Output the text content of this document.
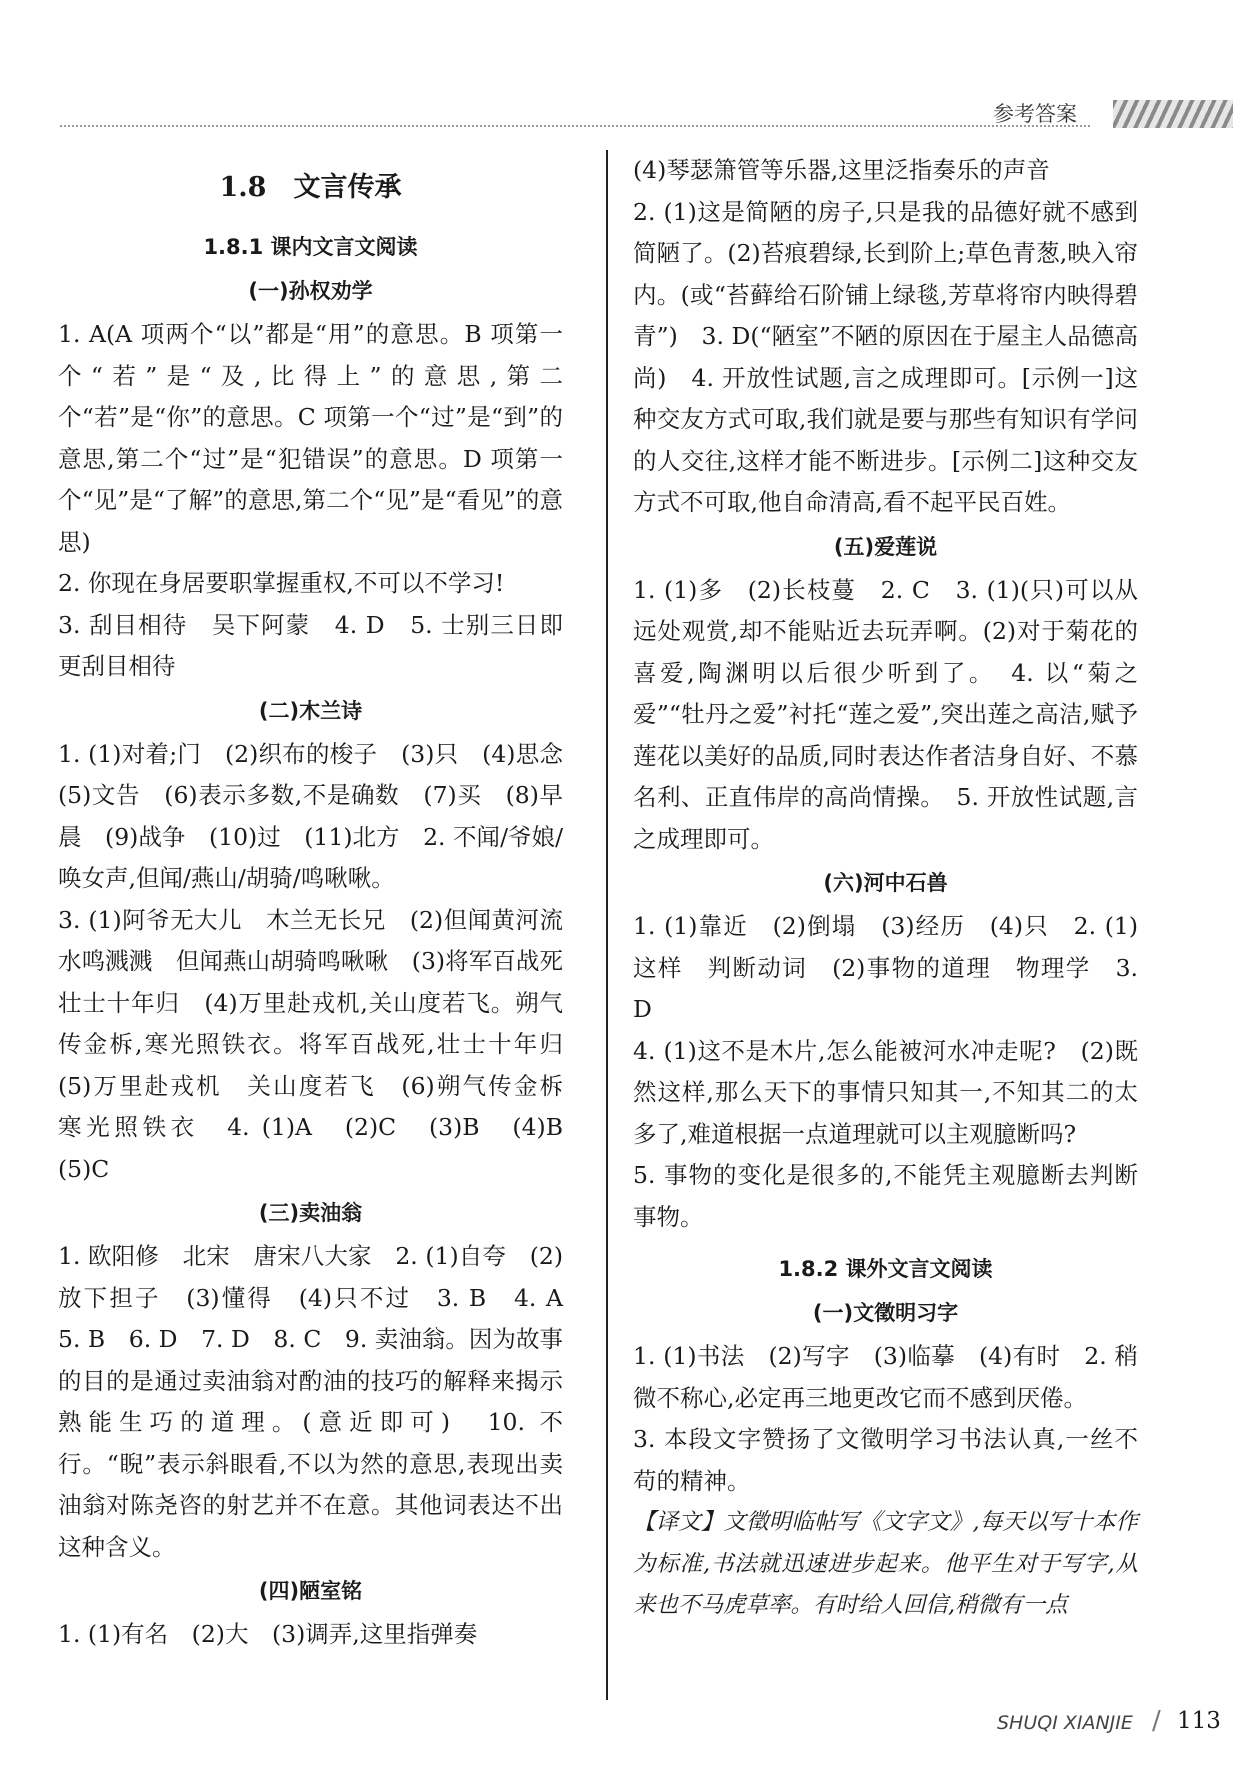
参考答案
1.8　文言传承
1.8.1 课内文言文阅读
(一)孙权劝学

1. A(A 项两个“以”都是“用”的意思。B 项第一个“若”是“及,比得上”的意思,第二个“若”是“你”的意思。C 项第一个“过”是“到”的意思,第二个“过”是“犯错误”的意思。D 项第一个“见”是“了解”的意思,第二个“见”是“看见”的意思)

2. 你现在身居要职掌握重权,不可以不学习!

3. 刮目相待　吴下阿蒙　4. D　5. 士别三日即更刮目相待

(二)木兰诗

1. (1)对着;门　(2)织布的梭子　(3)只　(4)思念　(5)文告　(6)表示多数,不是确数　(7)买　(8)早晨　(9)战争　(10)过　(11)北方　2. 不闻/爷娘/唤女声,但闻/燕山/胡骑/鸣啾啾。

3. (1)阿爷无大儿　木兰无长兄　(2)但闻黄河流水鸣溅溅　但闻燕山胡骑鸣啾啾　(3)将军百战死　壮士十年归　(4)万里赴戎机,关山度若飞。朔气传金柝,寒光照铁衣。将军百战死,壮士十年归　(5)万里赴戎机　关山度若飞　(6)朔气传金柝　寒光照铁衣　4. (1)A　(2)C　(3)B　(4)B　(5)C

(三)卖油翁

1. 欧阳修　北宋　唐宋八大家　2. (1)自夸　(2)放下担子　(3)懂得　(4)只不过　3. B　4. A　5. B　6. D　7. D　8. C　9. 卖油翁。因为故事的目的是通过卖油翁对酌油的技巧的解释来揭示熟能生巧的道理。(意近即可)　10. 不行。“睨”表示斜眼看,不以为然的意思,表现出卖油翁对陈尧咨的射艺并不在意。其他词表达不出这种含义。

(四)陋室铭

1. (1)有名　(2)大　(3)调弄,这里指弹奏

(4)琴瑟箫管等乐器,这里泛指奏乐的声音

2. (1)这是简陋的房子,只是我的品德好就不感到简陋了。(2)苔痕碧绿,长到阶上;草色青葱,映入帘内。(或“苔藓给石阶铺上绿毯,芳草将帘内映得碧青”)　3. D(“陋室”不陋的原因在于屋主人品德高尚)　4. 开放性试题,言之成理即可。[示例一]这种交友方式可取,我们就是要与那些有知识有学问的人交往,这样才能不断进步。[示例二]这种交友方式不可取,他自命清高,看不起平民百姓。

(五)爱莲说

1. (1)多　(2)长枝蔓　2. C　3. (1)(只)可以从远处观赏,却不能贴近去玩弄啊。(2)对于菊花的喜爱,陶渊明以后很少听到了。　4. 以“菊之爱”“牡丹之爱”衬托“莲之爱”,突出莲之高洁,赋予莲花以美好的品质,同时表达作者洁身自好、不慕名利、正直伟岸的高尚情操。　5. 开放性试题,言之成理即可。

(六)河中石兽

1. (1)靠近　(2)倒塌　(3)经历　(4)只　2. (1)这样　判断动词　(2)事物的道理　物理学　3. D

4. (1)这不是木片,怎么能被河水冲走呢?　(2)既然这样,那么天下的事情只知其一,不知其二的太多了,难道根据一点道理就可以主观臆断吗?

5. 事物的变化是很多的,不能凭主观臆断去判断事物。

1.8.2 课外文言文阅读
(一)文徵明习字

1. (1)书法　(2)写字　(3)临摹　(4)有时　2. 稍微不称心,必定再三地更改它而不感到厌倦。

3. 本段文字赞扬了文徵明学习书法认真,一丝不苟的精神。

【译文】文徵明临帖写《文字文》,每天以写十本作为标准,书法就迅速进步起来。他平生对于写字,从来也不马虎草率。有时给人回信,稍微有一点

SHUQI XIANJIE / 113
